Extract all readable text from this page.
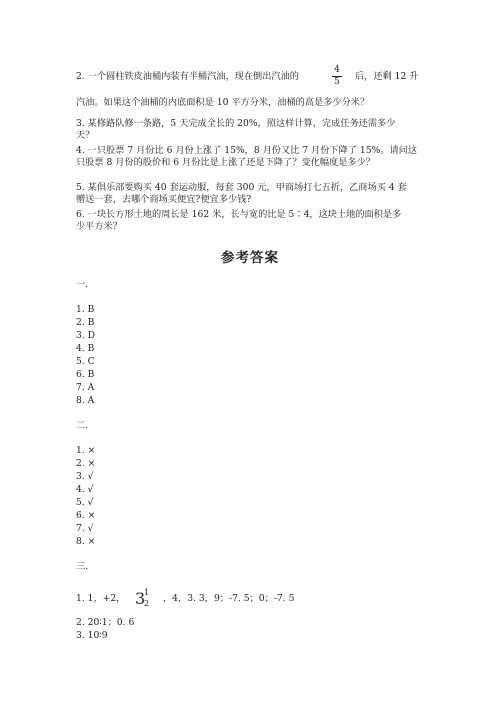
2. 一个圆柱铁皮油桶内装有半桶汽油，现在倒出汽油的
4
5 后，还剩 12 升
汽油。如果这个油桶的内底面积是 10 平方分米，油桶的高是多少分米？
3. 某修路队修一条路，5 天完成全长的 20%，照这样计算，完成任务还需多少
天？
4. 一只股票 7 月份比 6 月份上涨了 15%，8 月份又比 7 月份下降了 15%。请问这
只股票 8 月份的股价和 6 月份比是上涨了还是下降了？变化幅度是多少？
5. 某俱乐部要购买 40 套运动服，每套 300 元，甲商场打七五折，乙商场买 4 套
赠送一套，去哪个商场买便宜?便宜多少钱?
6. 一块长方形土地的周长是 162 米，长与宽的比是 5∶4，这块土地的面积是多
少平方米？
参考答案
一.
1. B
2. B
3. D
4. B
5. C
6. B
7. A
8. A
二.
1. ×
2. ×
3. √
4. √
5. √
6. ×
7. √
8. ×
三.
1. 1，+2， 3
1
2 ，4，3. 3，9；-7. 5；0；-7. 5
2. 20∶1；0. 6
3. 10∶9
